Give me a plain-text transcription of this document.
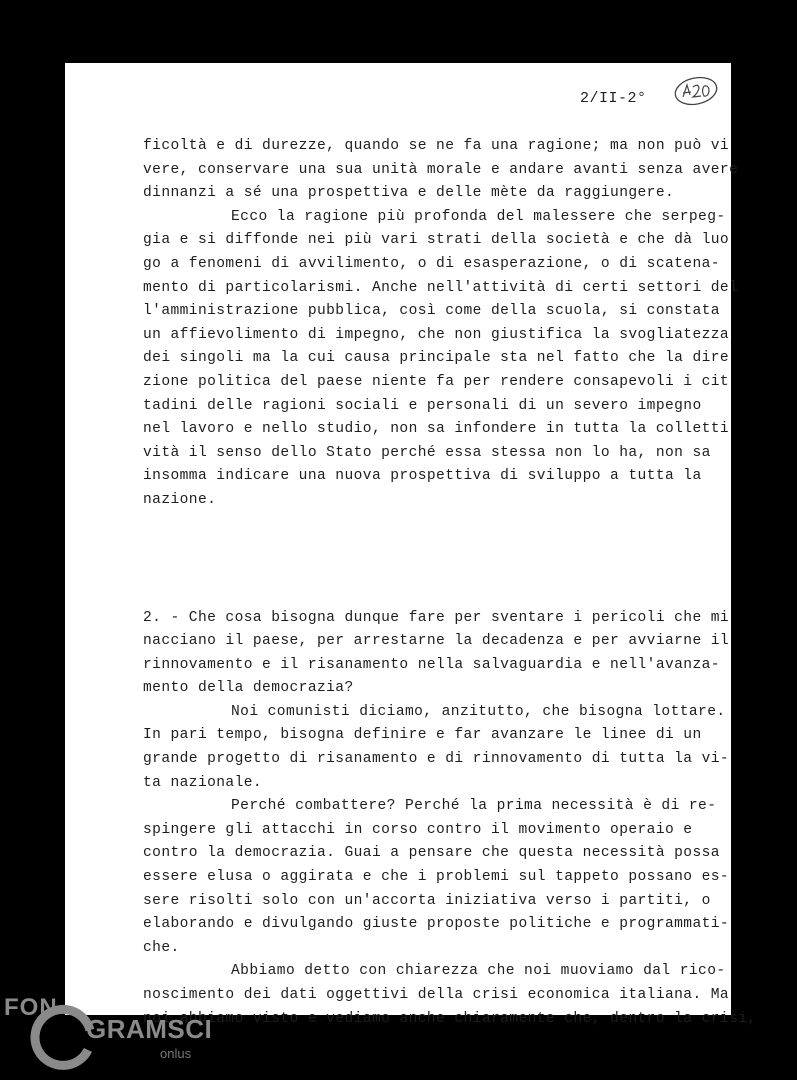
2/II-2°
ficoltà e di durezze, quando se ne fa una ragione; ma non può vi
vere, conservare una sua unità morale e andare avanti senza avere
dinnanzi a sé una prospettiva e delle mète da raggiungere.
Ecco la ragione più profonda del malessere che serpeg-
gia e si diffonde nei più vari strati della società e che dà luo
go a fenomeni di avvilimento, o di esasperazione, o di scatena-
mento di particolarismi. Anche nell'attività di certi settori del
l'amministrazione pubblica, così come della scuola, si constata
un affievolimento di impegno, che non giustifica la svogliatezza
dei singoli ma la cui causa principale sta nel fatto che la dire
zione politica del paese niente fa per rendere consapevoli i cit
tadini delle ragioni sociali e personali di un severo impegno
nel lavoro e nello studio, non sa infondere in tutta la colletti
vità il senso dello Stato perché essa stessa non lo ha, non sa
insomma indicare una nuova prospettiva di sviluppo a tutta la
nazione.
2. - Che cosa bisogna dunque fare per sventare i pericoli che mi
nacciano il paese, per arrestarne la decadenza e per avviarne il
rinnovamento e il risanamento nella salvaguardia e nell'avanza-
mento della democrazia?
Noi comunisti diciamo, anzitutto, che bisogna lottare.
In pari tempo, bisogna definire e far avanzare le linee di un
grande progetto di risanamento e di rinnovamento di tutta la vi-
ta nazionale.
Perché combattere? Perché la prima necessità è di re-
spingere gli attacchi in corso contro il movimento operaio e
contro la democrazia. Guai a pensare che questa necessità possa
essere elusa o aggirata e che i problemi sul tappeto possano es-
sere risolti solo con un'accorta iniziativa verso i partiti, o
elaborando e divulgando giuste proposte politiche e programmati-
che.
Abbiamo detto con chiarezza che noi muoviamo dal rico-
noscimento dei dati oggettivi della crisi economica italiana. Ma
noi abbiamo visto e vediamo anche chiaramente che, dentro la crisi,
FON
GRAMSCI
onlus
